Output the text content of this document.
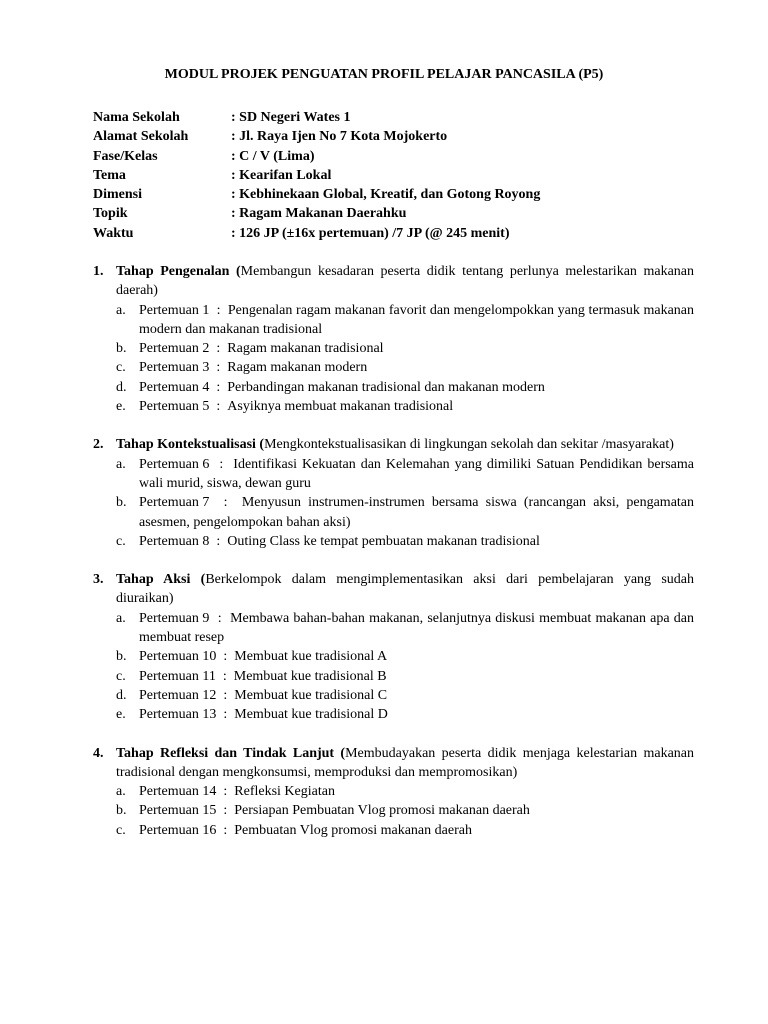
MODUL PROJEK PENGUATAN PROFIL PELAJAR PANCASILA (P5)
Nama Sekolah	: SD Negeri Wates 1
Alamat Sekolah	: Jl. Raya Ijen No 7 Kota Mojokerto
Fase/Kelas	: C / V (Lima)
Tema	: Kearifan Lokal
Dimensi	: Kebhinekaan Global, Kreatif, dan Gotong Royong
Topik	: Ragam Makanan Daerahku
Waktu	: 126 JP (±16x pertemuan) /7 JP (@ 245 menit)
1. Tahap Pengenalan (Membangun kesadaran peserta didik tentang perlunya melestarikan makanan daerah)
a. Pertemuan 1 : Pengenalan ragam makanan favorit dan mengelompokkan yang termasuk makanan modern dan makanan tradisional
b. Pertemuan 2 : Ragam makanan tradisional
c. Pertemuan 3 : Ragam makanan modern
d. Pertemuan 4 : Perbandingan makanan tradisional dan makanan modern
e. Pertemuan 5 : Asyiknya membuat makanan tradisional
2. Tahap Kontekstualisasi (Mengkontekstualisasikan di lingkungan sekolah dan sekitar /masyarakat)
a. Pertemuan 6 : Identifikasi Kekuatan dan Kelemahan yang dimiliki Satuan Pendidikan bersama wali murid, siswa, dewan guru
b. Pertemuan 7 : Menyusun instrumen-instrumen bersama siswa (rancangan aksi, pengamatan asesmen, pengelompokan bahan aksi)
c. Pertemuan 8 : Outing Class ke tempat pembuatan makanan tradisional
3. Tahap Aksi (Berkelompok dalam mengimplementasikan aksi dari pembelajaran yang sudah diuraikan)
a. Pertemuan 9 : Membawa bahan-bahan makanan, selanjutnya diskusi membuat makanan apa dan membuat resep
b. Pertemuan 10 : Membuat kue tradisional A
c. Pertemuan 11 : Membuat kue tradisional B
d. Pertemuan 12 : Membuat kue tradisional C
e. Pertemuan 13 : Membuat kue tradisional D
4. Tahap Refleksi dan Tindak Lanjut (Membudayakan peserta didik menjaga kelestarian makanan tradisional dengan mengkonsumsi, memproduksi dan mempromosikan)
a. Pertemuan 14 : Refleksi Kegiatan
b. Pertemuan 15 : Persiapan Pembuatan Vlog promosi makanan daerah
c. Pertemuan 16 : Pembuatan Vlog promosi makanan daerah
